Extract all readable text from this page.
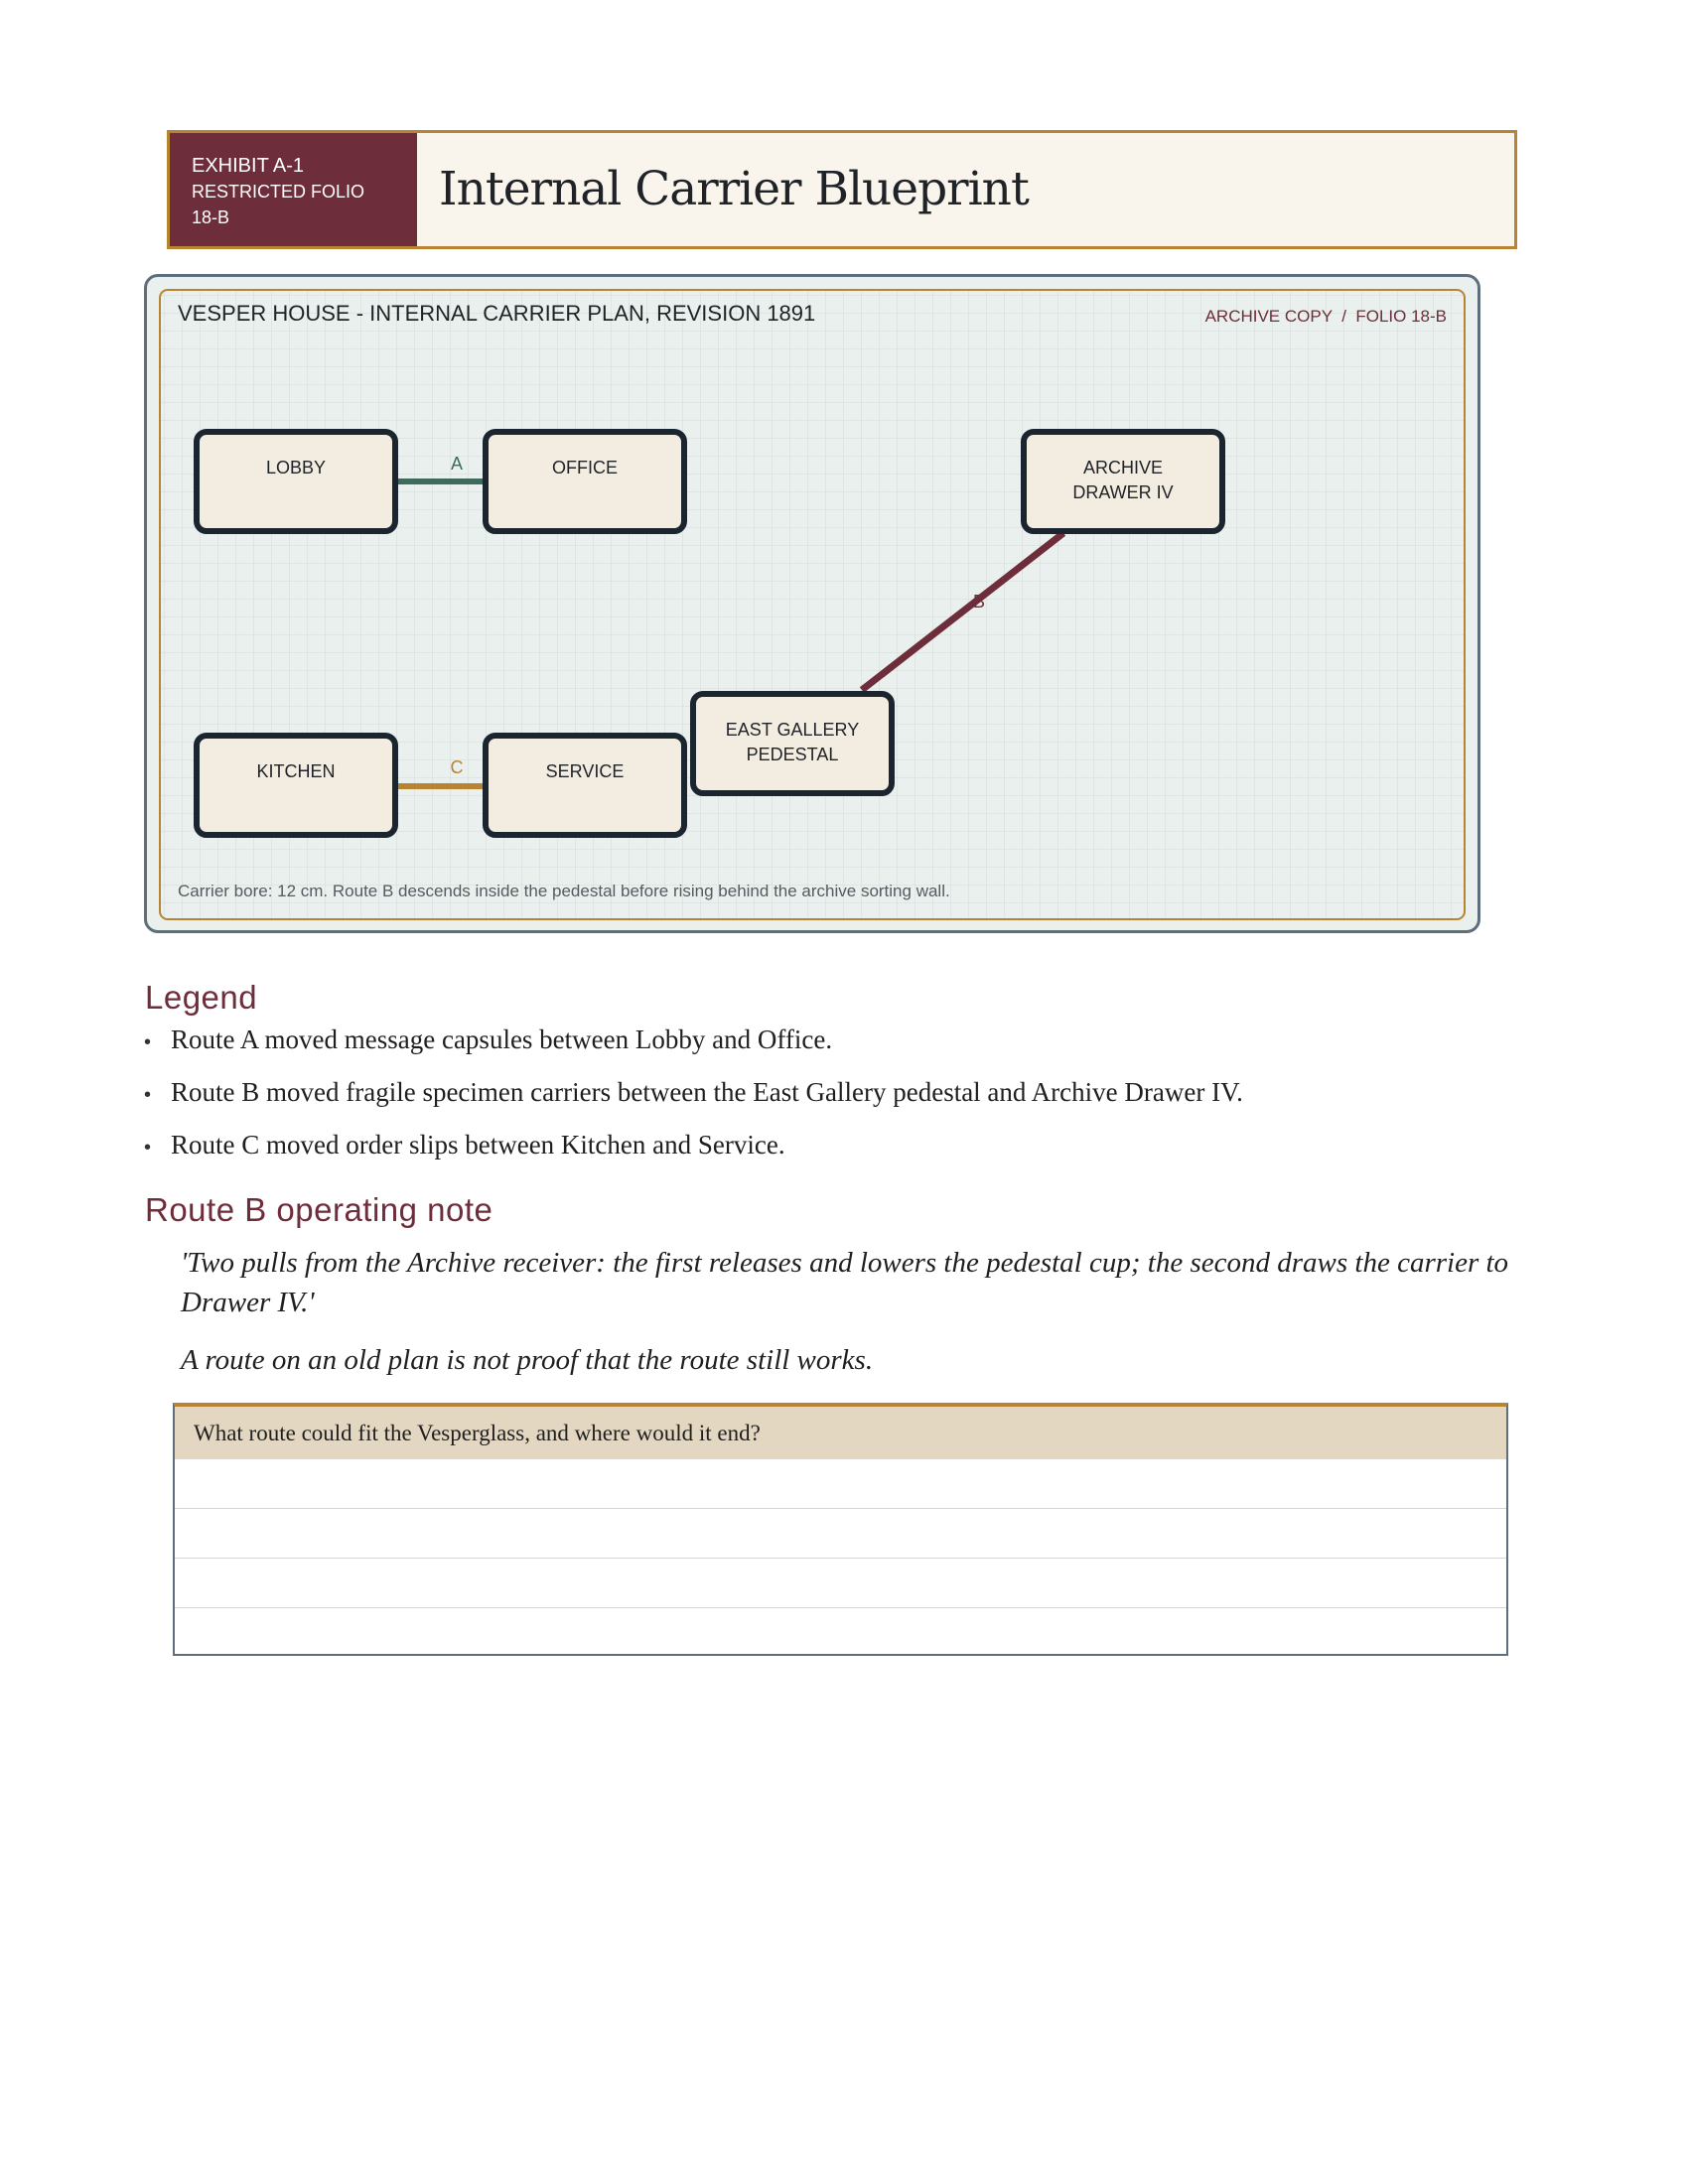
EXHIBIT A-1
RESTRICTED FOLIO 18-B
Internal Carrier Blueprint
VESPER HOUSE - INTERNAL CARRIER PLAN, REVISION 1891	ARCHIVE COPY  /  FOLIO 18-B
A
B
C
LOBBY	OFFICE	ARCHIVE
DRAWER IV
EAST GALLERY
PEDESTAL
KITCHEN	SERVICE
Carrier bore: 12 cm. Route B descends inside the pedestal before rising behind the archive sorting wall.
Legend
• Route A moved message capsules between Lobby and Office.
• Route B moved fragile specimen carriers between the East Gallery pedestal and Archive Drawer IV.
• Route C moved order slips between Kitchen and Service.
Route B operating note
'Two pulls from the Archive receiver: the first releases and lowers the pedestal cup; the second draws the carrier to Drawer IV.'
A route on an old plan is not proof that the route still works.
What route could fit the Vesperglass, and where would it end?
